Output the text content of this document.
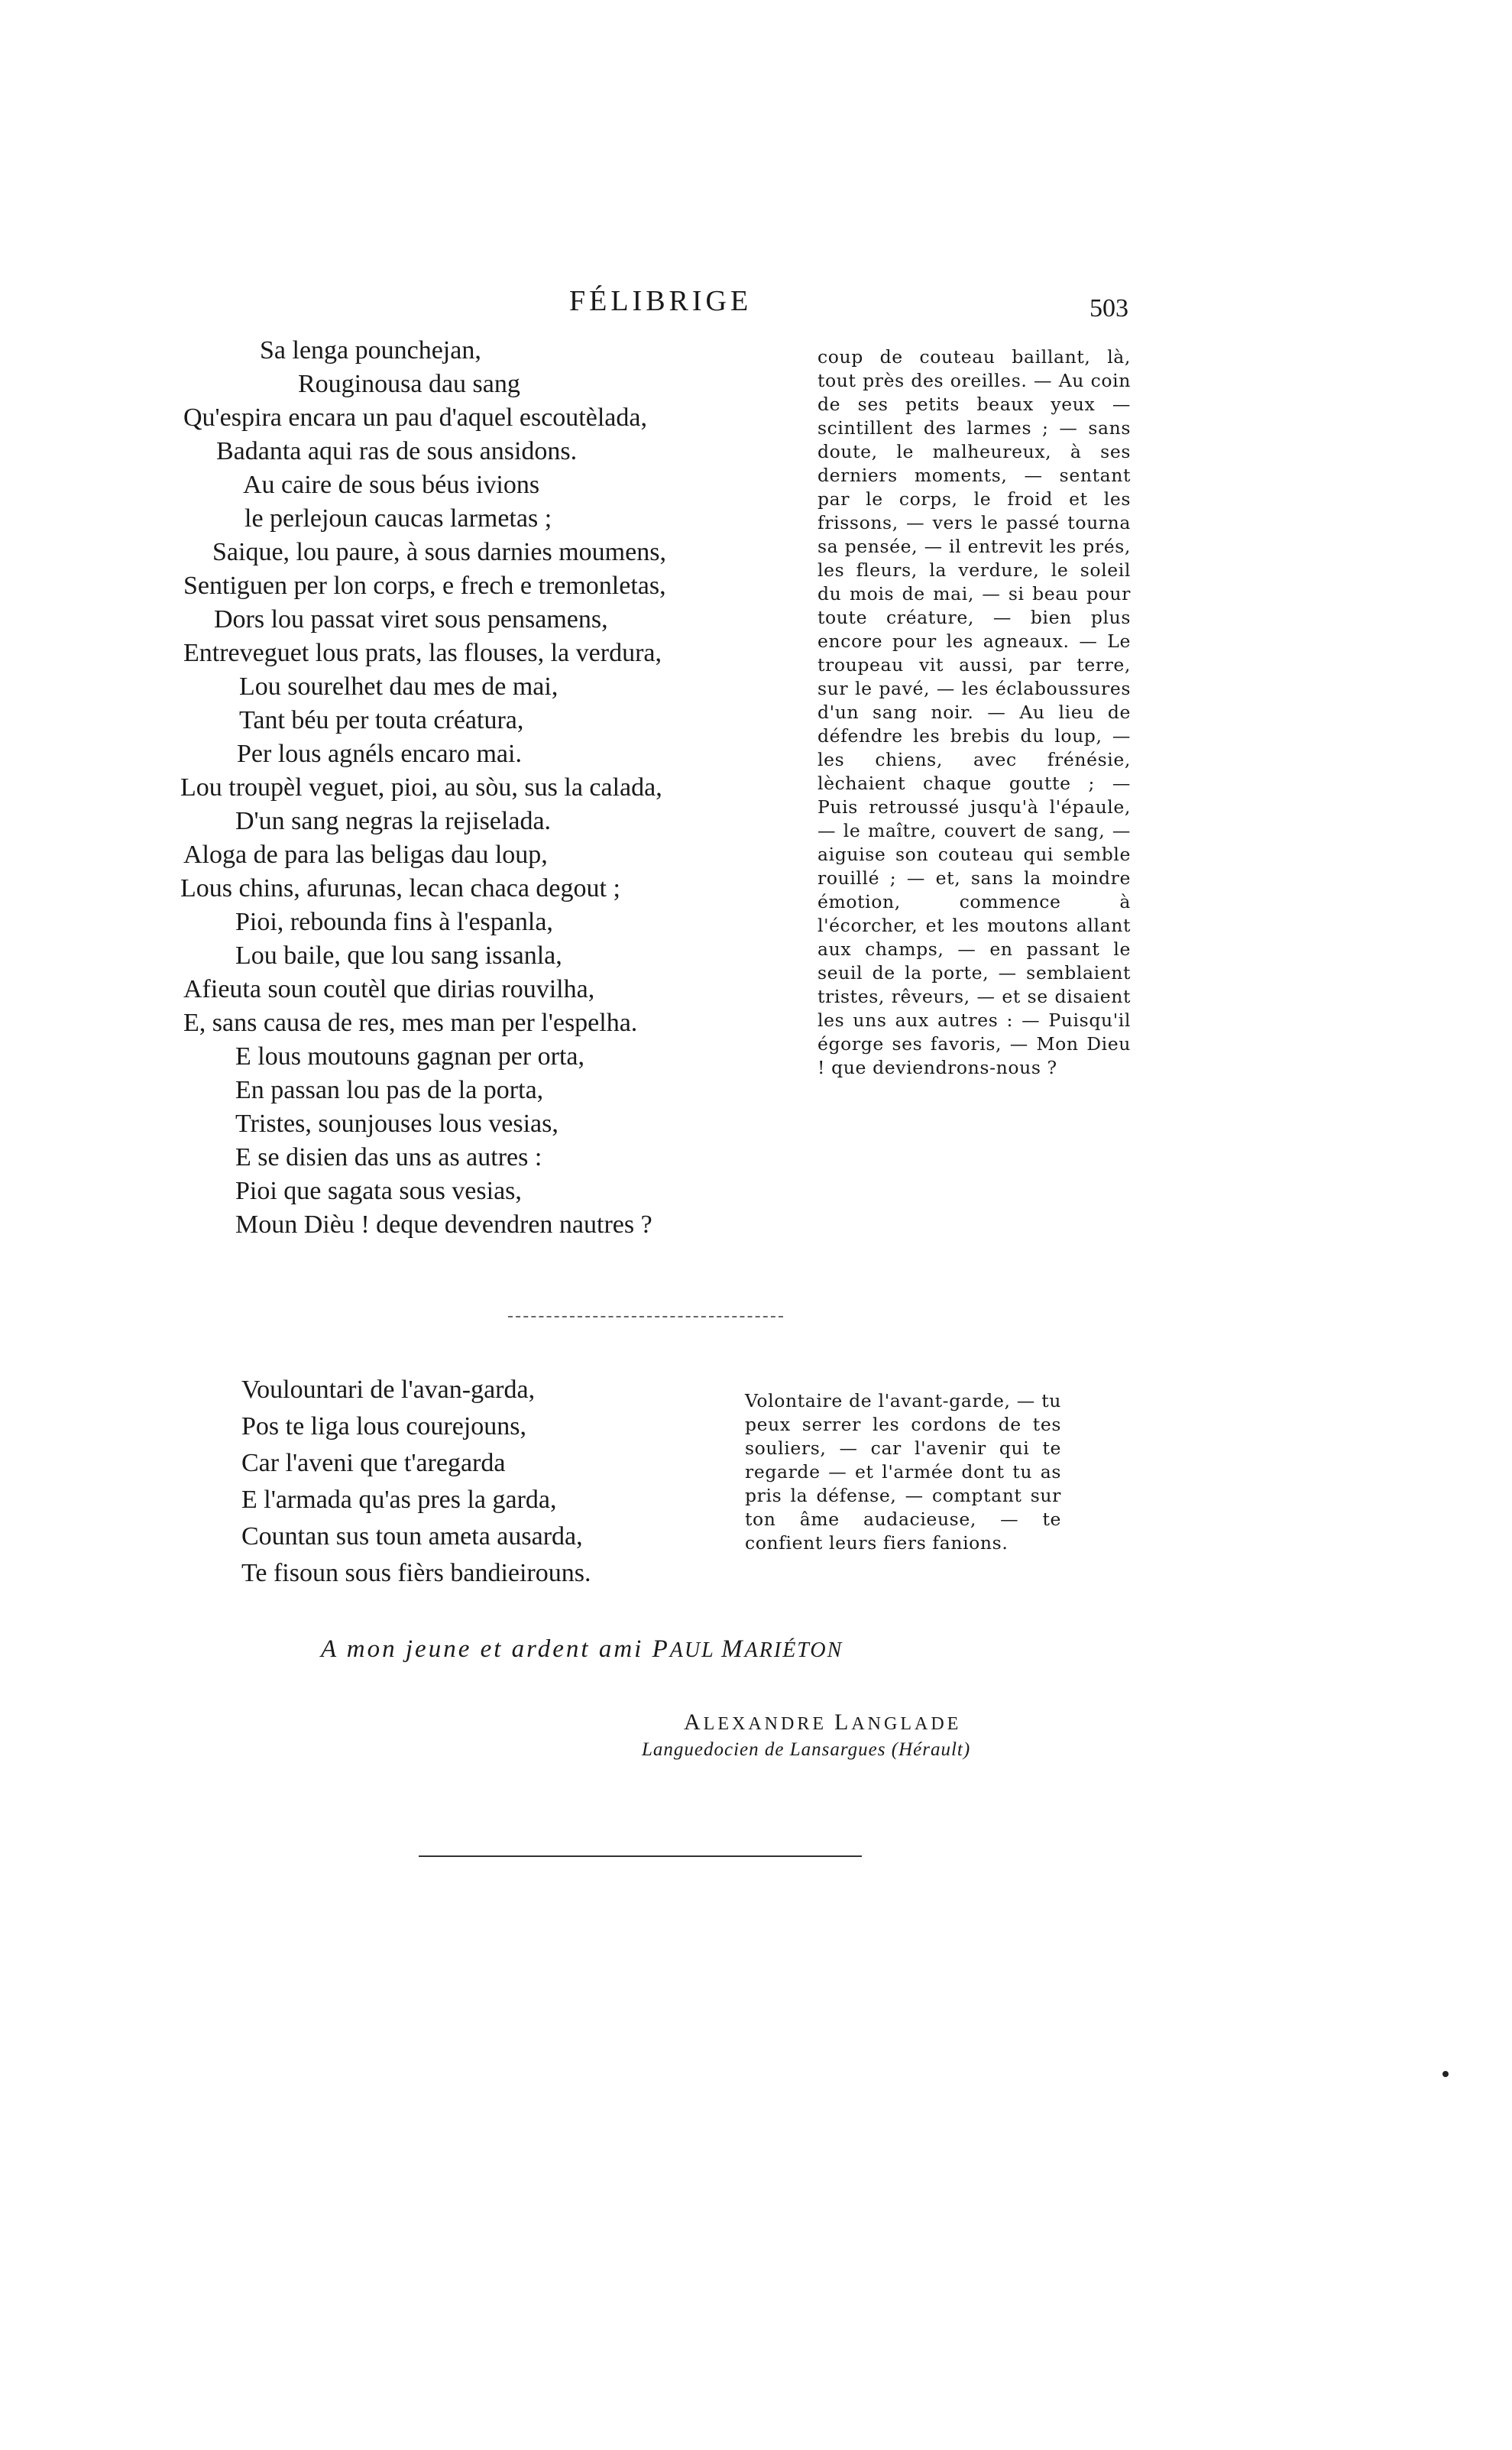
FÉLIBRIGE	503
Sa lenga pounchejan,
Rouginousa dau sang
Qu'espira encara un pau d'aquel escoutèlada,
Badanta aqui ras de sous ansidons.
Au caire de sous béus ivions
le perlejoun caucas larmetas ;
Saique, lou paure, à sous darnies moumens,
Sentiguen per lon corps, e frech e tremonletas,
Dors lou passat viret sous pensamens,
Entreveguet lous prats, las flouses, la verdura,
Lou sourelhet dau mes de mai,
Tant béu per touta créatura,
Per lous agnéls encaro mai.
Lou troupèl veguet, pioi, au sòu, sus la calada,
D'un sang negras la rejiselada.
Aloga de para las beligas dau loup,
Lous chins, afurunas, lecan chaca degout ;
Pioi, rebounda fins à l'espanla,
Lou baile, que lou sang issanla,
Afieuta soun coutèl que dirias rouvilha,
E, sans causa de res, mes man per l'espelha.
E lous moutouns gagnan per orta,
En passan lou pas de la porta,
Tristes, sounjouses lous vesias,
E se disien das uns as autres :
Pioi que sagata sous vesias,
Moun Dièu ! deque devendren nautres ?
coup de couteau baillant, là, tout près des oreilles. — Au coin de ses petits beaux yeux — scintillent des larmes ; — sans doute, le malheureux, à ses derniers moments, — sentant par le corps, le froid et les frissons, — vers le passé tourna sa pensée, — il entrevit les prés, les fleurs, la verdure, le soleil du mois de mai, — si beau pour toute créature, — bien plus encore pour les agneaux. — Le troupeau vit aussi, par terre, sur le pavé, — les éclaboussures d'un sang noir. — Au lieu de défendre les brebis du loup, — les chiens, avec frénésie, lèchaient chaque goutte ; — Puis retroussé jusqu'à l'épaule, — le maître, couvert de sang, — aiguise son couteau qui semble rouillé ; — et, sans la moindre émotion, commence à l'écorcher, et les moutons allant aux champs, — en passant le seuil de la porte, — semblaient tristes, rêveurs, — et se disaient les uns aux autres : — Puisqu'il égorge ses favoris, — Mon Dieu ! que deviendrons-nous ?
Voulountari de l'avan-garda,
Pos te liga lous courejouns,
Car l'aveni que t'aregarda
E l'armada qu'as pres la garda,
Countan sus toun ameta ausarda,
Te fisoun sous fièrs bandieirouns.
Volontaire de l'avant-garde, — tu peux serrer les cordons de tes souliers, — car l'avenir qui te regarde — et l'armée dont tu as pris la défense, — comptant sur ton âme audacieuse, — te confient leurs fiers fanions.
A mon jeune et ardent ami PAUL MARIÉTON
ALEXANDRE LANGLADE
Languedocien de Lansargues (Hérault)
